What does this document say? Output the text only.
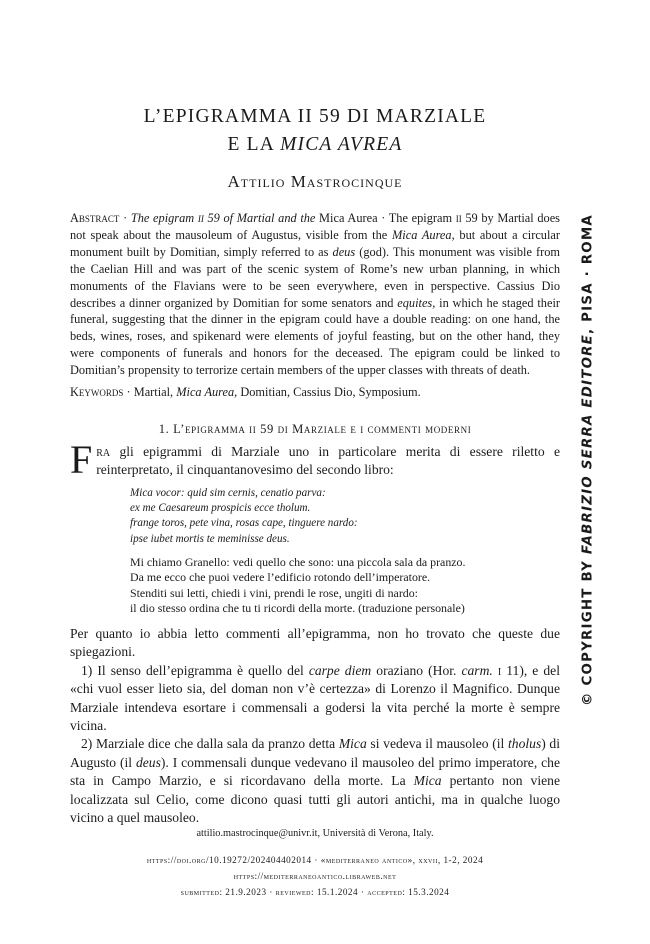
L’EPIGRAMMA II 59 DI MARZIALE
E LA MICA AVREA
Attilio Mastrocinque
Abstract · The epigram ii 59 of Martial and the Mica Aurea · The epigram ii 59 by Martial does not speak about the mausoleum of Augustus, visible from the Mica Aurea, but about a circular monument built by Domitian, simply referred to as deus (god). This monument was visible from the Caelian Hill and was part of the scenic system of Rome’s new urban planning, in which monuments of the Flavians were to be seen everywhere, even in perspective. Cassius Dio describes a dinner organized by Domitian for some senators and equites, in which he staged their funeral, suggesting that the dinner in the epigram could have a double reading: on one hand, the beds, wines, roses, and spikenard were elements of joyful feasting, but on the other hand, they were components of funerals and honors for the deceased. The epigram could be linked to Domitian’s propensity to terrorize certain members of the upper classes with threats of death.
Keywords · Martial, Mica Aurea, Domitian, Cassius Dio, Symposium.
1. L’epigramma ii 59 di Marziale e i commenti moderni
Fra gli epigrammi di Marziale uno in particolare merita di essere riletto e reinterpretato, il cinquantanovesimo del secondo libro:
Mica vocor: quid sim cernis, cenatio parva:
ex me Caesareum prospicis ecce tholum.
frange toros, pete vina, rosas cape, tinguere nardo:
ipse iubet mortis te meminisse deus.
Mi chiamo Granello: vedi quello che sono: una piccola sala da pranzo.
Da me ecco che puoi vedere l’edificio rotondo dell’imperatore.
Stenditi sui letti, chiedi i vini, prendi le rose, ungiti di nardo:
il dio stesso ordina che tu ti ricordi della morte. (traduzione personale)

Per quanto io abbia letto commenti all’epigramma, non ho trovato che queste due spiegazioni.

1) Il senso dell’epigramma è quello del carpe diem oraziano (Hor. carm. i 11), e del «chi vuol esser lieto sia, del doman non v’è certezza» di Lorenzo il Magnifico. Dunque Marziale intendeva esortare i commensali a godersi la vita perché la morte è sempre vicina.

2) Marziale dice che dalla sala da pranzo detta Mica si vedeva il mausoleo (il tholus) di Augusto (il deus). I commensali dunque vedevano il mausoleo del primo imperatore, che sta in Campo Marzio, e si ricordavano della morte. La Mica pertanto non viene localizzata sul Celio, come dicono quasi tutti gli autori antichi, ma in qualche luogo vicino a quel mausoleo.

© COPYRIGHT BY FABRIZIO SERRA EDITORE, PISA · ROMA
attilio.mastrocinque@univr.it, Università di Verona, Italy.
https://doi.org/10.19272/202404402014 · «mediterraneo antico», xxvii, 1-2, 2024
https://mediterraneoantico.libraweb.net
submitted: 21.9.2023 · reviewed: 15.1.2024 · accepted: 15.3.2024
